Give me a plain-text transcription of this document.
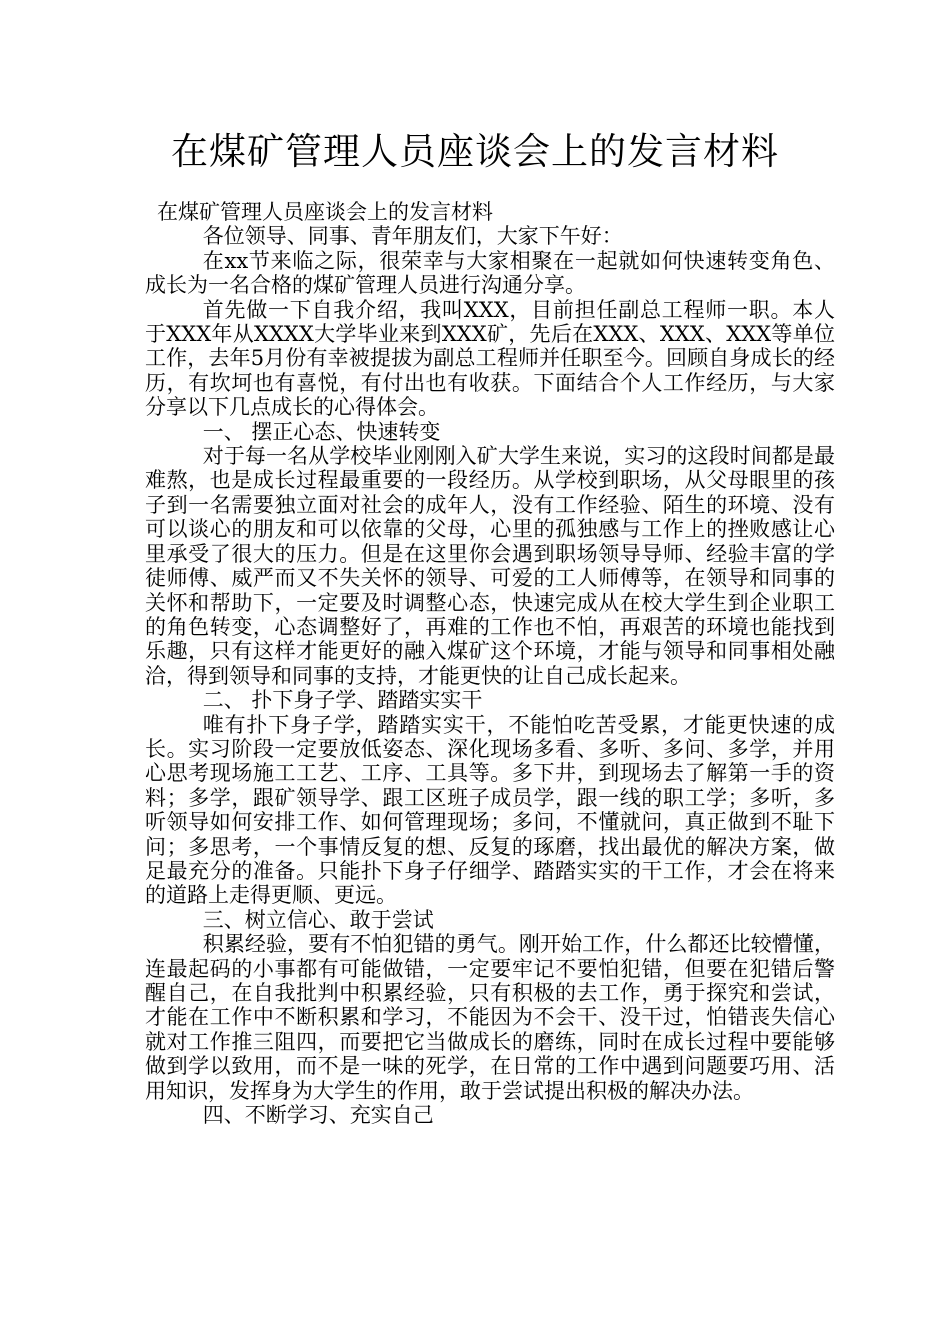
在煤矿管理人员座谈会上的发言材料

在煤矿管理人员座谈会上的发言材料

各位领导、同事、青年朋友们，大家下午好：

在xx节来临之际，很荣幸与大家相聚在一起就如何快速转变角色、成长为一名合格的煤矿管理人员进行沟通分享。

首先做一下自我介绍，我叫XXX，目前担任副总工程师一职。本人于XXX年从XXXX大学毕业来到XXX矿，先后在XXX、XXX、XXX等单位工作，去年5月份有幸被提拔为副总工程师并任职至今。回顾自身成长的经历，有坎坷也有喜悦，有付出也有收获。下面结合个人工作经历，与大家分享以下几点成长的心得体会。

一、 摆正心态、快速转变

对于每一名从学校毕业刚刚入矿大学生来说，实习的这段时间都是最难熬，也是成长过程最重要的一段经历。从学校到职场，从父母眼里的孩子到一名需要独立面对社会的成年人，没有工作经验、陌生的环境、没有可以谈心的朋友和可以依靠的父母，心里的孤独感与工作上的挫败感让心里承受了很大的压力。但是在这里你会遇到职场领导导师、经验丰富的学徒师傅、威严而又不失关怀的领导、可爱的工人师傅等，在领导和同事的关怀和帮助下，一定要及时调整心态，快速完成从在校大学生到企业职工的角色转变，心态调整好了，再难的工作也不怕，再艰苦的环境也能找到乐趣，只有这样才能更好的融入煤矿这个环境，才能与领导和同事相处融洽，得到领导和同事的支持，才能更快的让自己成长起来。

二、 扑下身子学、踏踏实实干

唯有扑下身子学，踏踏实实干，不能怕吃苦受累，才能更快速的成长。实习阶段一定要放低姿态、深化现场多看、多听、多问、多学，并用心思考现场施工工艺、工序、工具等。多下井，到现场去了解第一手的资料；多学，跟矿领导学、跟工区班子成员学，跟一线的职工学；多听，多听领导如何安排工作、如何管理现场；多问，不懂就问，真正做到不耻下问；多思考，一个事情反复的想、反复的琢磨，找出最优的解决方案，做足最充分的准备。只能扑下身子仔细学、踏踏实实的干工作，才会在将来的道路上走得更顺、更远。

三、树立信心、敢于尝试

积累经验，要有不怕犯错的勇气。刚开始工作，什么都还比较懵懂，连最起码的小事都有可能做错，一定要牢记不要怕犯错，但要在犯错后警醒自己，在自我批判中积累经验，只有积极的去工作，勇于探究和尝试，才能在工作中不断积累和学习，不能因为不会干、没干过，怕错丧失信心就对工作推三阻四，而要把它当做成长的磨练，同时在成长过程中要能够做到学以致用，而不是一味的死学，在日常的工作中遇到问题要巧用、活用知识，发挥身为大学生的作用，敢于尝试提出积极的解决办法。

四、不断学习、充实自己
